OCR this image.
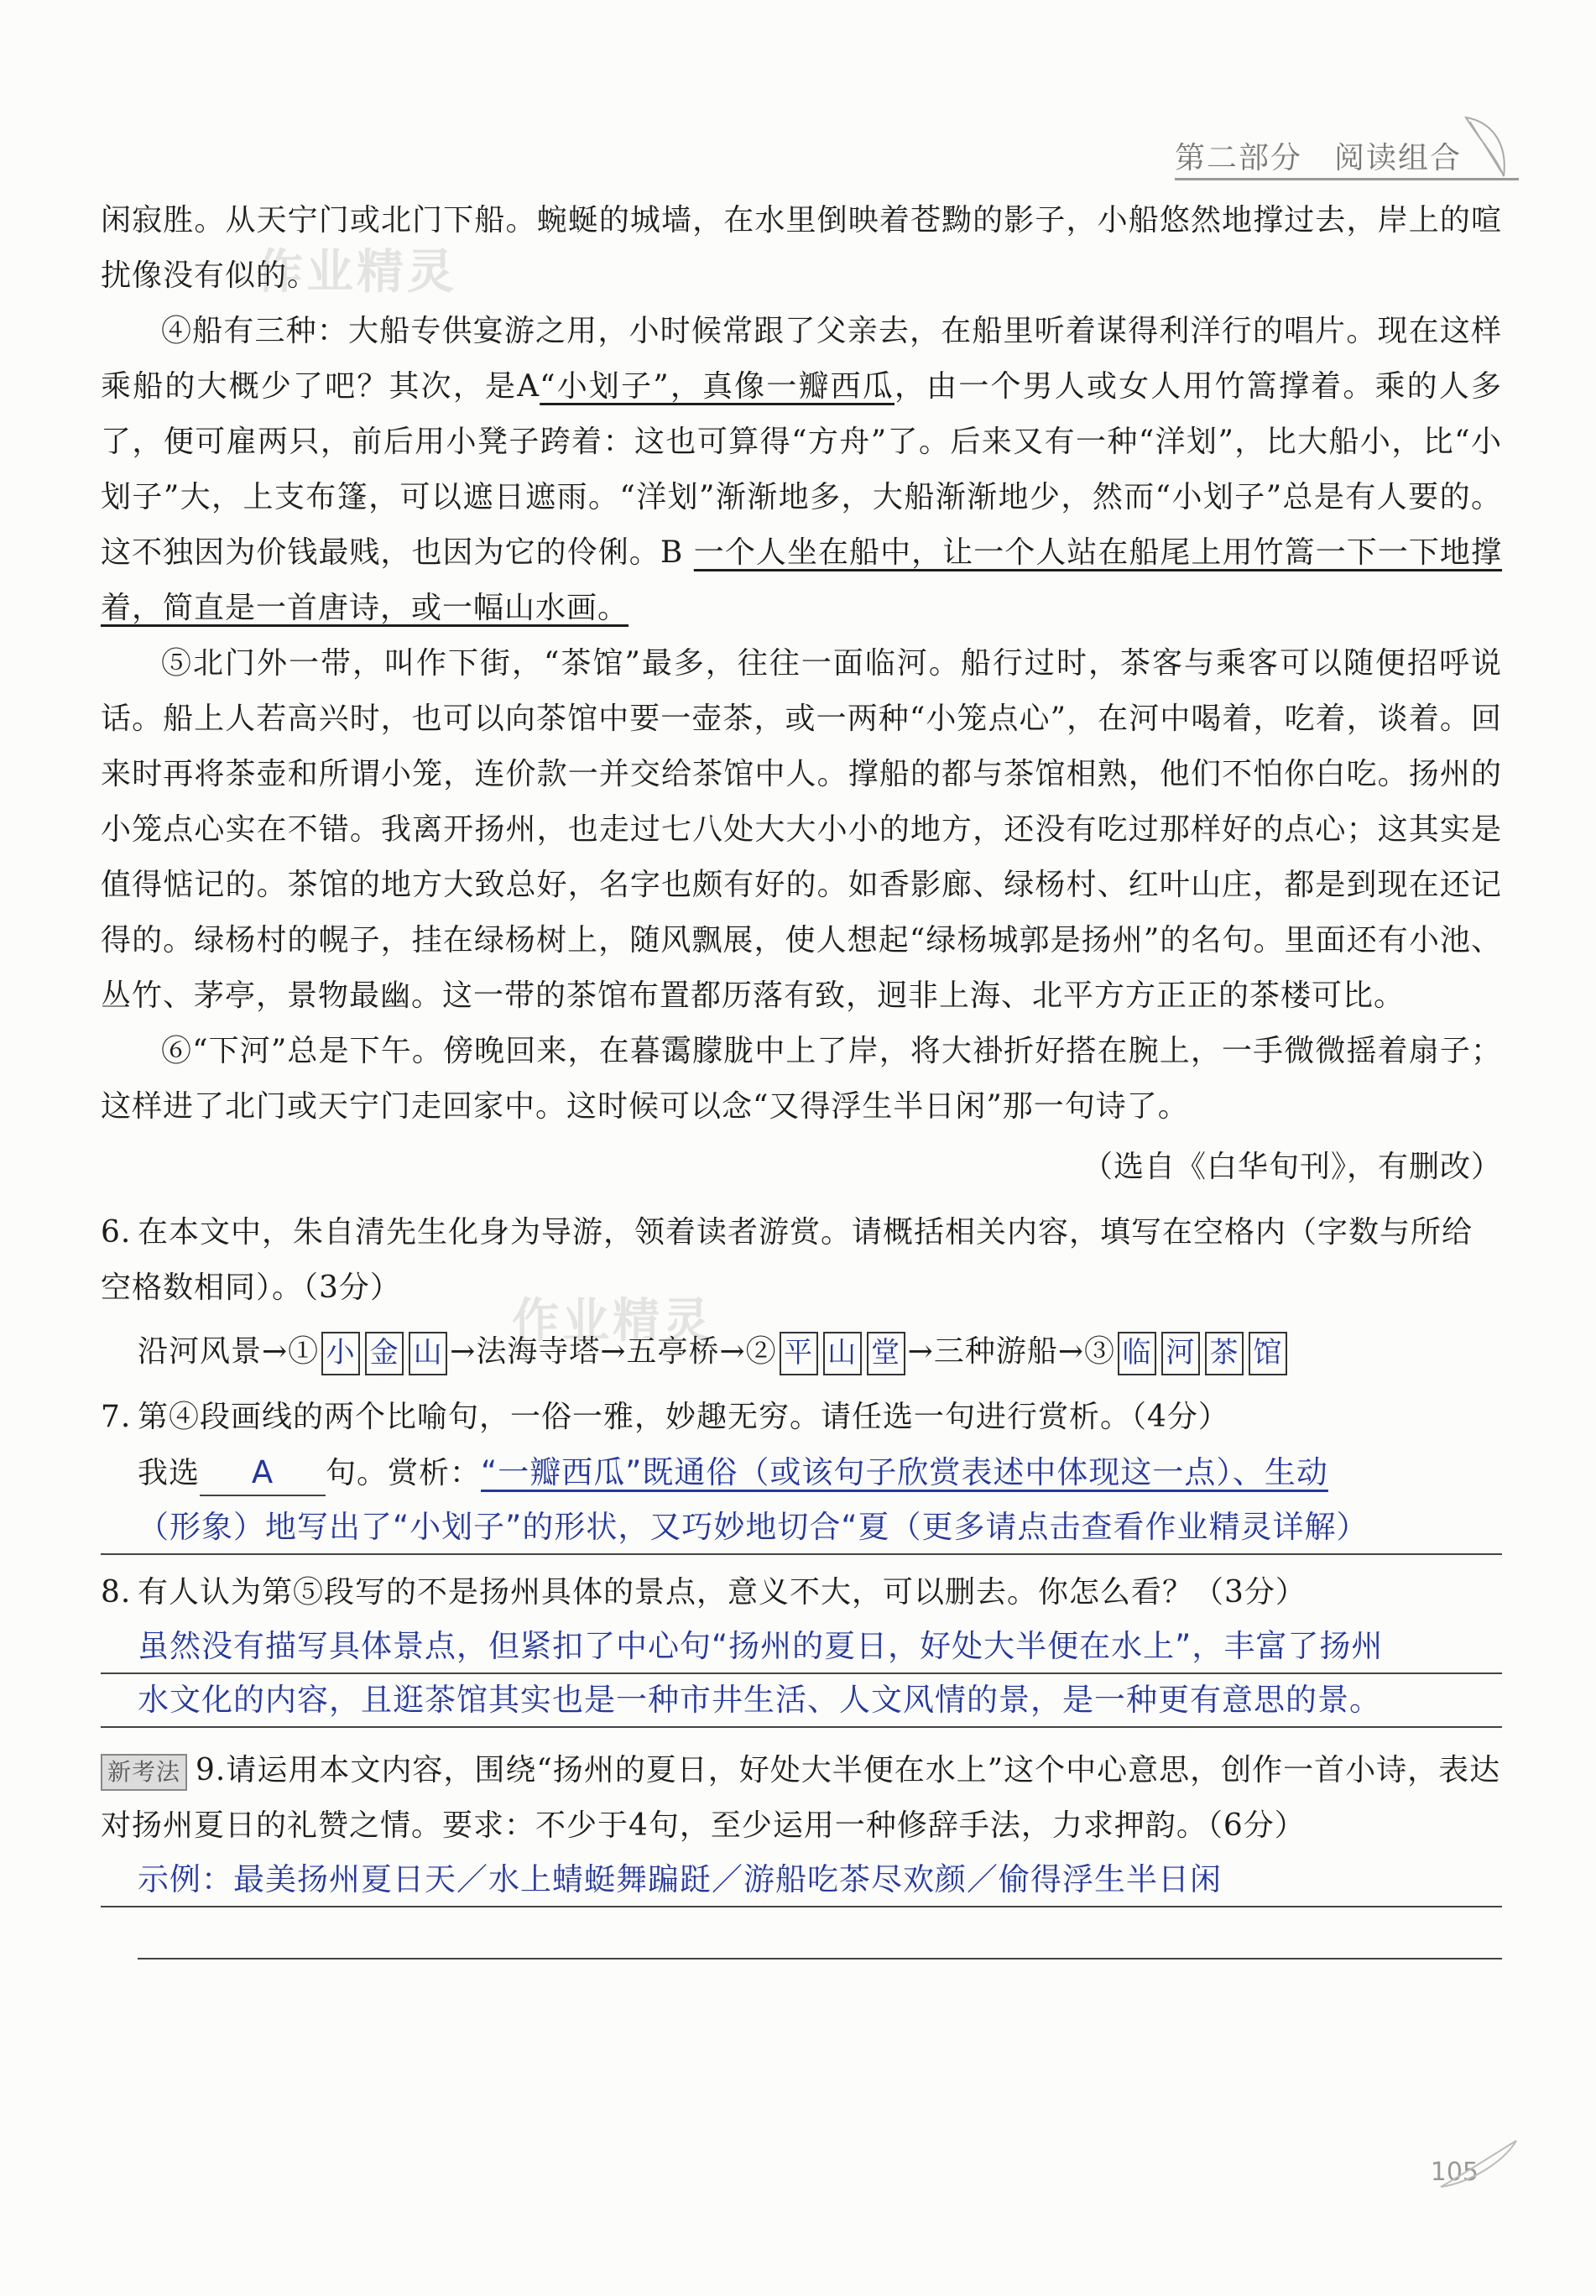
第二部分　阅读组合
作业精灵
作业精灵

闲寂胜。从天宁门或北门下船。蜿蜒的城墙，在水里倒映着苍黝的影子，小船悠然地撑过去，岸上的喧扰像没有似的。

④船有三种：大船专供宴游之用，小时候常跟了父亲去，在船里听着谋得利洋行的唱片。现在这样乘船的大概少了吧？其次，是A“小划子”，真像一瓣西瓜，由一个男人或女人用竹篙撑着。乘的人多了，便可雇两只，前后用小凳子跨着：这也可算得“方舟”了。后来又有一种“洋划”，比大船小，比“小划子”大，上支布篷，可以遮日遮雨。“洋划”渐渐地多，大船渐渐地少，然而“小划子”总是有人要的。这不独因为价钱最贱，也因为它的伶俐。B 一个人坐在船中，让一个人站在船尾上用竹篙一下一下地撑着，简直是一首唐诗，或一幅山水画。

⑤北门外一带，叫作下街，“茶馆”最多，往往一面临河。船行过时，茶客与乘客可以随便招呼说话。船上人若高兴时，也可以向茶馆中要一壶茶，或一两种“小笼点心”，在河中喝着，吃着，谈着。回来时再将茶壶和所谓小笼，连价款一并交给茶馆中人。撑船的都与茶馆相熟，他们不怕你白吃。扬州的小笼点心实在不错。我离开扬州，也走过七八处大大小小的地方，还没有吃过那样好的点心；这其实是值得惦记的。茶馆的地方大致总好，名字也颇有好的。如香影廊、绿杨村、红叶山庄，都是到现在还记得的。绿杨村的幌子，挂在绿杨树上，随风飘展，使人想起“绿杨城郭是扬州”的名句。里面还有小池、丛竹、茅亭，景物最幽。这一带的茶馆布置都历落有致，迥非上海、北平方方正正的茶楼可比。

⑥“下河”总是下午。傍晚回来，在暮霭朦胧中上了岸，将大褂折好搭在腕上，一手微微摇着扇子；这样进了北门或天宁门走回家中。这时候可以念“又得浮生半日闲”那一句诗了。

（选自《白华旬刊》，有删改）

6. 在本文中，朱自清先生化身为导游，领着读者游赏。请概括相关内容，填写在空格内（字数与所给空格数相同）。（3分）
沿河风景→① 小 金 山 →法海寺塔→五亭桥→② 平 山 堂 →三种游船→③ 临 河 茶 馆
7. 第④段画线的两个比喻句，一俗一雅，妙趣无穷。请任选一句进行赏析。（4分）
我选 A 句。赏析：“一瓣西瓜”既通俗（或该句子欣赏表述中体现这一点）、生动
（形象）地写出了“小划子”的形状，又巧妙地切合“夏（更多请点击查看作业精灵详解）
8. 有人认为第⑤段写的不是扬州具体的景点，意义不大，可以删去。你怎么看？（3分）
虽然没有描写具体景点，但紧扣了中心句“扬州的夏日，好处大半便在水上”，丰富了扬州
水文化的内容，且逛茶馆其实也是一种市井生活、人文风情的景，是一种更有意思的景。
新考法 9.请运用本文内容，围绕“扬州的夏日，好处大半便在水上”这个中心意思，创作一首小诗，表达对扬州夏日的礼赞之情。要求：不少于4句，至少运用一种修辞手法，力求押韵。（6分）
示例：最美扬州夏日天／水上蜻蜓舞蹁跹／游船吃茶尽欢颜／偷得浮生半日闲
105
